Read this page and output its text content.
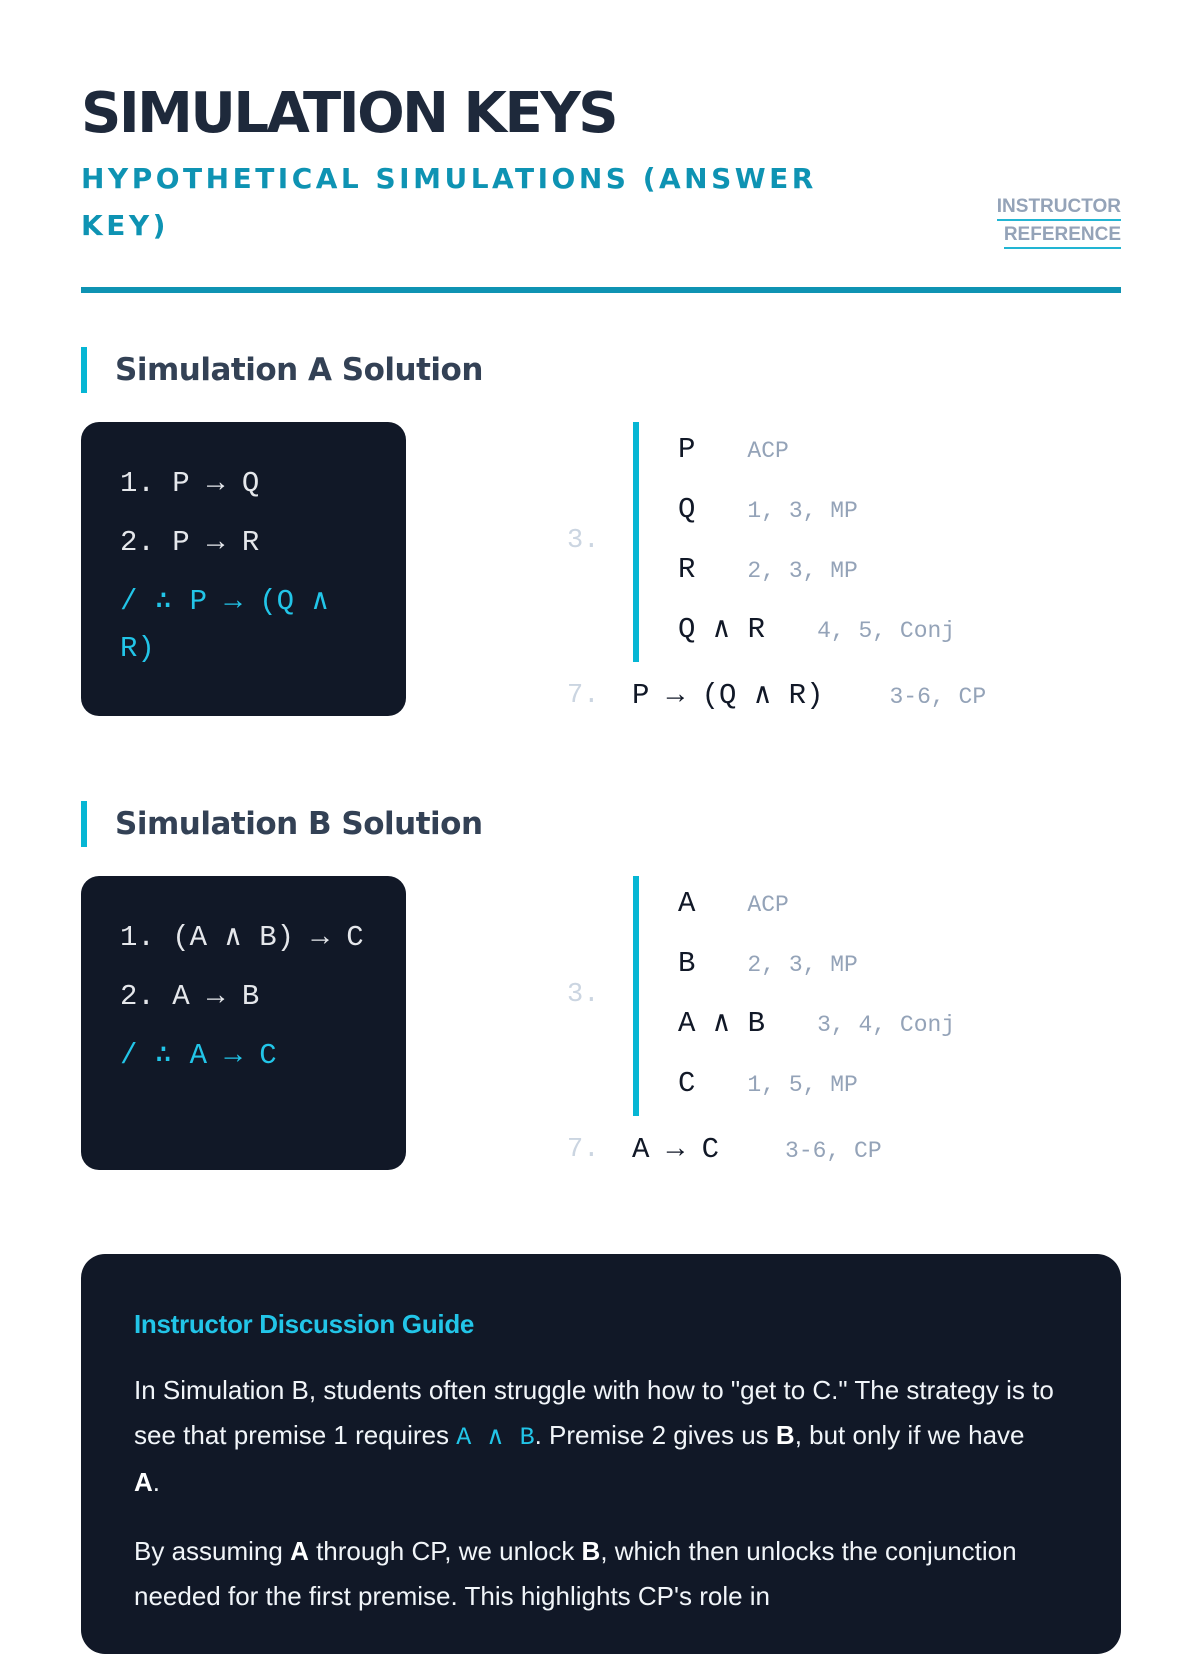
SIMULATION KEYS
HYPOTHETICAL SIMULATIONS (ANSWER KEY)
INSTRUCTOR
REFERENCE
Simulation A Solution
1. P → Q
2. P → R
/ ∴ P → (Q ∧ R)
3.
P ACP
Q 1, 3, MP
R 2, 3, MP
Q ∧ R 4, 5, Conj
7. P → (Q ∧ R)	3-6, CP
Simulation B Solution
1. (A ∧ B) → C
2. A → B
/ ∴ A → C
3.
A ACP
B 2, 3, MP
A ∧ B 3, 4, Conj
C 1, 5, MP
7. A → C	3-6, CP
Instructor Discussion Guide

In Simulation B, students often struggle with how to "get to C." The strategy is to see that premise 1 requires A ∧ B. Premise 2 gives us B, but only if we have A.

By assuming A through CP, we unlock B, which then unlocks the conjunction needed for the first premise. This highlights CP's role in
